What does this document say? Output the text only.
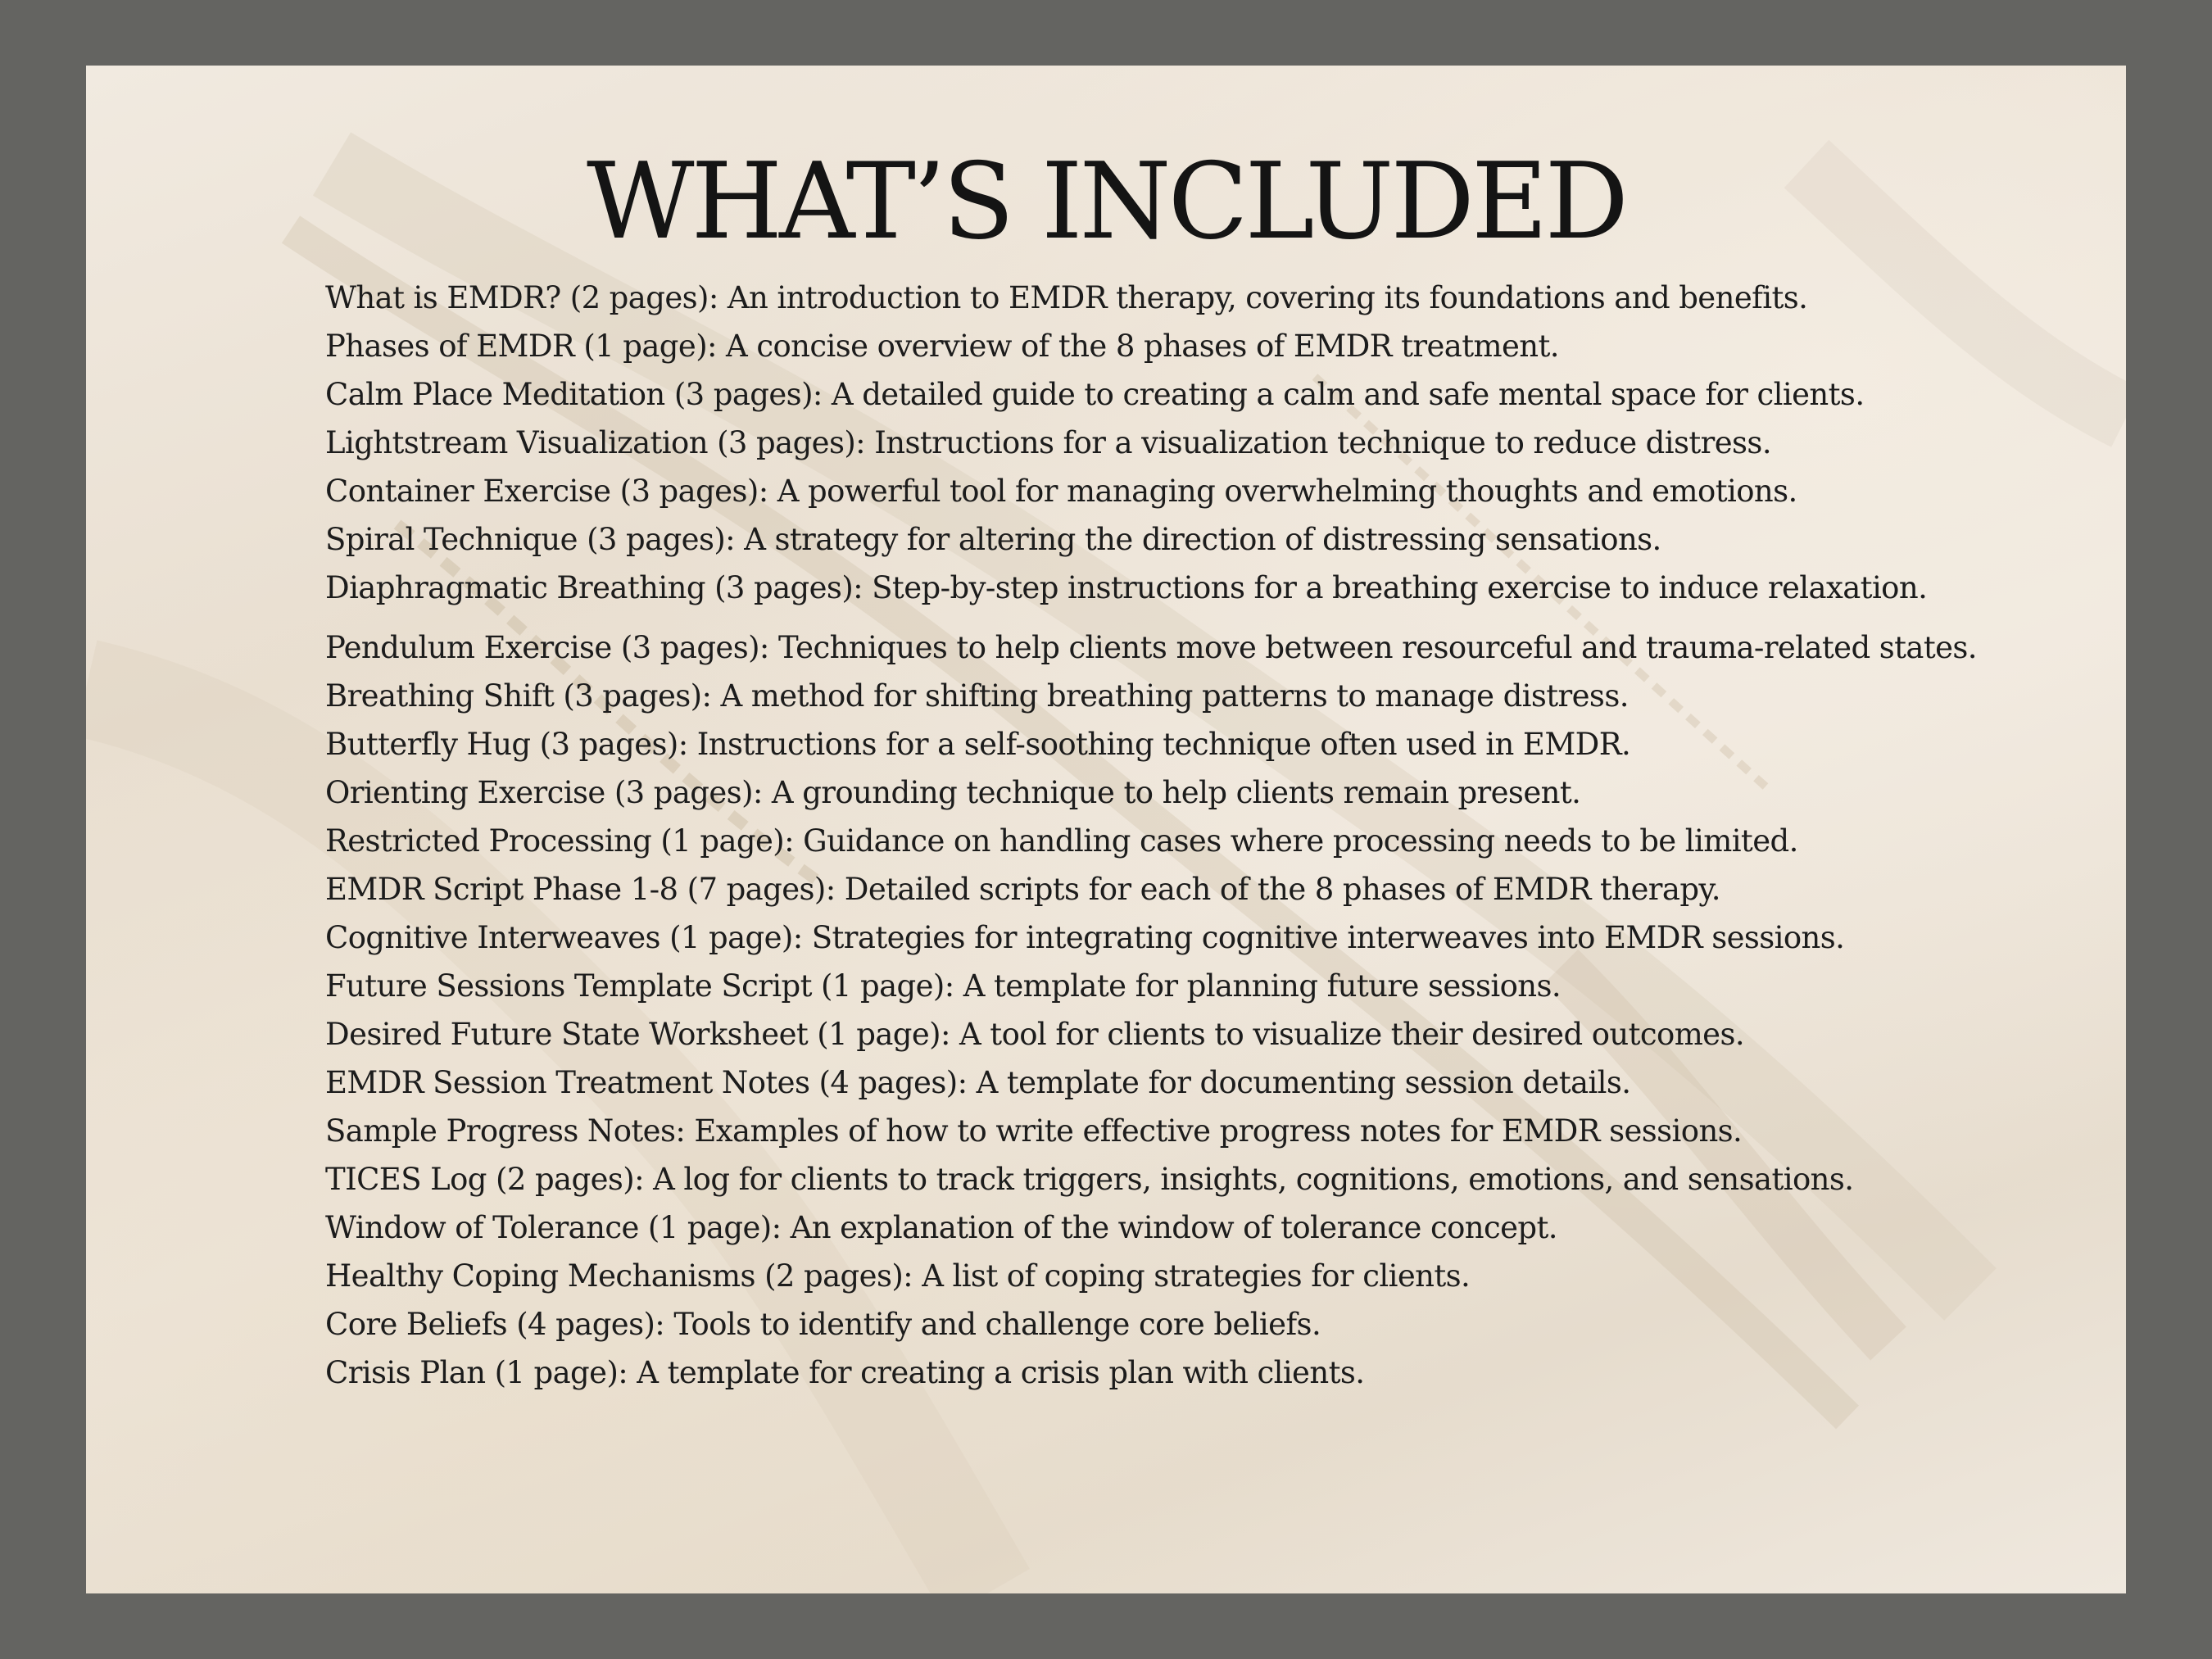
WHAT’S INCLUDED
What is EMDR? (2 pages): An introduction to EMDR therapy, covering its foundations and benefits.
Phases of EMDR (1 page): A concise overview of the 8 phases of EMDR treatment.
Calm Place Meditation (3 pages): A detailed guide to creating a calm and safe mental space for clients.
Lightstream Visualization (3 pages): Instructions for a visualization technique to reduce distress.
Container Exercise (3 pages): A powerful tool for managing overwhelming thoughts and emotions.
Spiral Technique (3 pages): A strategy for altering the direction of distressing sensations.
Diaphragmatic Breathing (3 pages): Step-by-step instructions for a breathing exercise to induce relaxation.
Pendulum Exercise (3 pages): Techniques to help clients move between resourceful and trauma-related states.
Breathing Shift (3 pages): A method for shifting breathing patterns to manage distress.
Butterfly Hug (3 pages): Instructions for a self-soothing technique often used in EMDR.
Orienting Exercise (3 pages): A grounding technique to help clients remain present.
Restricted Processing (1 page): Guidance on handling cases where processing needs to be limited.
EMDR Script Phase 1-8 (7 pages): Detailed scripts for each of the 8 phases of EMDR therapy.
Cognitive Interweaves (1 page): Strategies for integrating cognitive interweaves into EMDR sessions.
Future Sessions Template Script (1 page): A template for planning future sessions.
Desired Future State Worksheet (1 page): A tool for clients to visualize their desired outcomes.
EMDR Session Treatment Notes (4 pages): A template for documenting session details.
Sample Progress Notes: Examples of how to write effective progress notes for EMDR sessions.
TICES Log (2 pages): A log for clients to track triggers, insights, cognitions, emotions, and sensations.
Window of Tolerance (1 page): An explanation of the window of tolerance concept.
Healthy Coping Mechanisms (2 pages): A list of coping strategies for clients.
Core Beliefs (4 pages): Tools to identify and challenge core beliefs.
Crisis Plan (1 page): A template for creating a crisis plan with clients.
